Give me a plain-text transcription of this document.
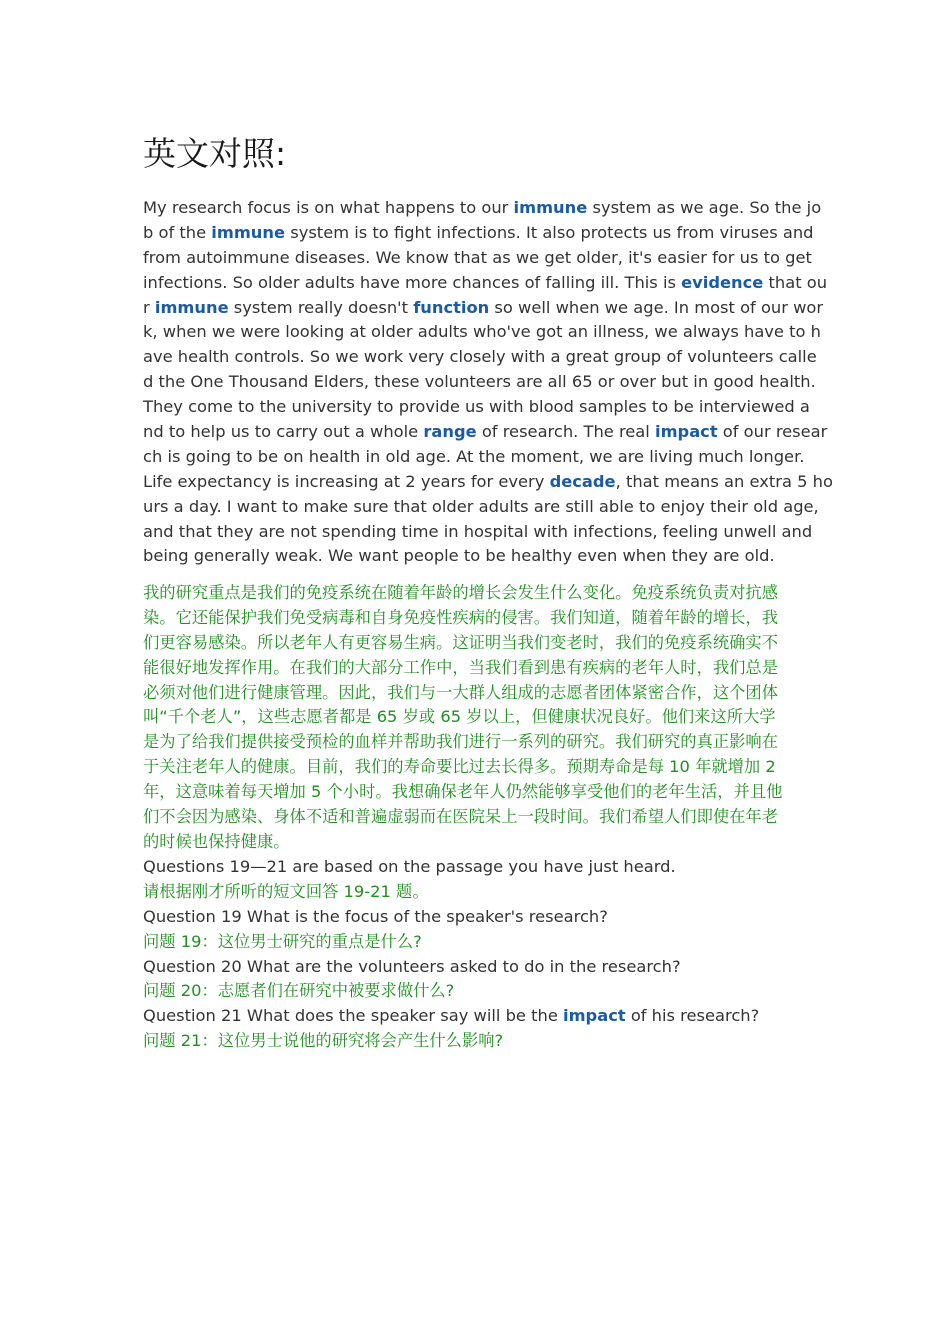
英文对照:
My research focus is on what happens to our immune system as we age. So the jo
b of the immune system is to fight infections. It also protects us from viruses and
from autoimmune diseases. We know that as we get older, it's easier for us to get
infections. So older adults have more chances of falling ill. This is evidence that ou
r immune system really doesn't function so well when we age. In most of our wor
k, when we were looking at older adults who've got an illness, we always have to h
ave health controls. So we work very closely with a great group of volunteers calle
d the One Thousand Elders, these volunteers are all 65 or over but in good health.
They come to the university to provide us with blood samples to be interviewed a
nd to help us to carry out a whole range of research. The real impact of our resear
ch is going to be on health in old age. At the moment, we are living much longer.
Life expectancy is increasing at 2 years for every decade, that means an extra 5 ho
urs a day. I want to make sure that older adults are still able to enjoy their old age,
and that they are not spending time in hospital with infections, feeling unwell and
being generally weak. We want people to be healthy even when they are old.
我的研究重点是我们的免疫系统在随着年龄的增长会发生什么变化。免疫系统负责对抗感
染。它还能保护我们免受病毒和自身免疫性疾病的侵害。我们知道，随着年龄的增长，我
们更容易感染。所以老年人有更容易生病。这证明当我们变老时，我们的免疫系统确实不
能很好地发挥作用。在我们的大部分工作中，当我们看到患有疾病的老年人时，我们总是
必须对他们进行健康管理。因此，我们与一大群人组成的志愿者团体紧密合作，这个团体
叫“千个老人”，这些志愿者都是 65 岁或 65 岁以上，但健康状况良好。他们来这所大学
是为了给我们提供接受预检的血样并帮助我们进行一系列的研究。我们研究的真正影响在
于关注老年人的健康。目前，我们的寿命要比过去长得多。预期寿命是每 10 年就增加 2
年，这意味着每天增加 5 个小时。我想确保老年人仍然能够享受他们的老年生活，并且他
们不会因为感染、身体不适和普遍虚弱而在医院呆上一段时间。我们希望人们即使在年老
的时候也保持健康。
Questions 19—21 are based on the passage you have just heard.
请根据刚才所听的短文回答 19-21 题。
Question 19 What is the focus of the speaker's research?
问题 19：这位男士研究的重点是什么?
Question 20 What are the volunteers asked to do in the research?
问题 20：志愿者们在研究中被要求做什么?
Question 21 What does the speaker say will be the impact of his research?
问题 21：这位男士说他的研究将会产生什么影响?
